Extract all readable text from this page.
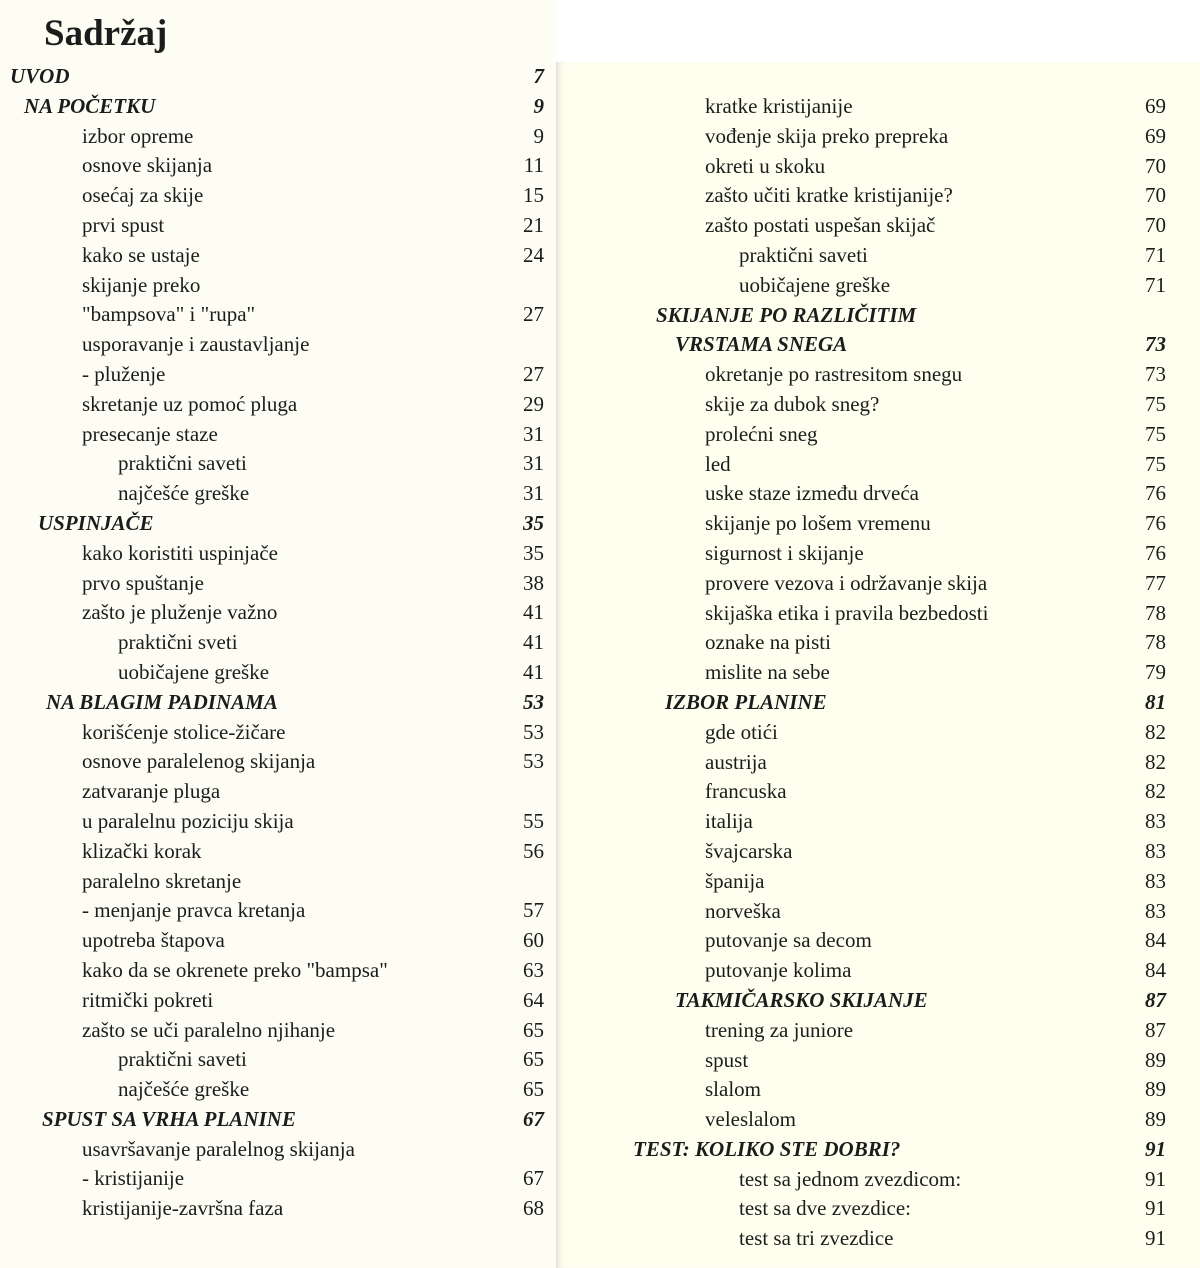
Sadržaj
UVOD	7
NA POČETKU	9
izbor opreme	9
osnove skijanja	11
osećaj za skije	15
prvi spust	21
kako se ustaje	24
skijanje preko
"bampsova" i "rupa"	27
usporavanje i zaustavljanje
- pluženje	27
skretanje uz pomoć pluga	29
presecanje staze	31
praktični saveti	31
najčešće greške	31
USPINJAČE	35
kako koristiti uspinjače	35
prvo spuštanje	38
zašto je pluženje važno	41
praktični sveti	41
uobičajene greške	41
NA BLAGIM PADINAMA	53
korišćenje stolice-žičare	53
osnove paralelenog skijanja	53
zatvaranje pluga
u paralelnu poziciju skija	55
klizački korak	56
paralelno skretanje
- menjanje pravca kretanja	57
upotreba štapova	60
kako da se okrenete preko "bampsa"	63
ritmički pokreti	64
zašto se uči paralelno njihanje	65
praktični saveti	65
najčešće greške	65
SPUST SA VRHA PLANINE	67
usavršavanje paralelnog skijanja
- kristijanije	67
kristijanije-završna faza	68
kratke kristijanije	69
vođenje skija preko prepreka	69
okreti u skoku	70
zašto učiti kratke kristijanije?	70
zašto postati uspešan skijač	70
praktični saveti	71
uobičajene greške	71
SKIJANJE PO RAZLIČITIM
VRSTAMA SNEGA	73
okretanje po rastresitom snegu	73
skije za dubok sneg?	75
prolećni sneg	75
led	75
uske staze između drveća	76
skijanje po lošem vremenu	76
sigurnost i skijanje	76
provere vezova i održavanje skija	77
skijaška etika i pravila bezbedosti	78
oznake na pisti	78
mislite na sebe	79
IZBOR PLANINE	81
gde otići	82
austrija	82
francuska	82
italija	83
švajcarska	83
španija	83
norveška	83
putovanje sa decom	84
putovanje kolima	84
TAKMIČARSKO SKIJANJE	87
trening za juniore	87
spust	89
slalom	89
veleslalom	89
TEST: KOLIKO STE DOBRI?	91
test sa jednom zvezdicom:	91
test sa dve zvezdice:	91
test sa tri zvezdice	91
